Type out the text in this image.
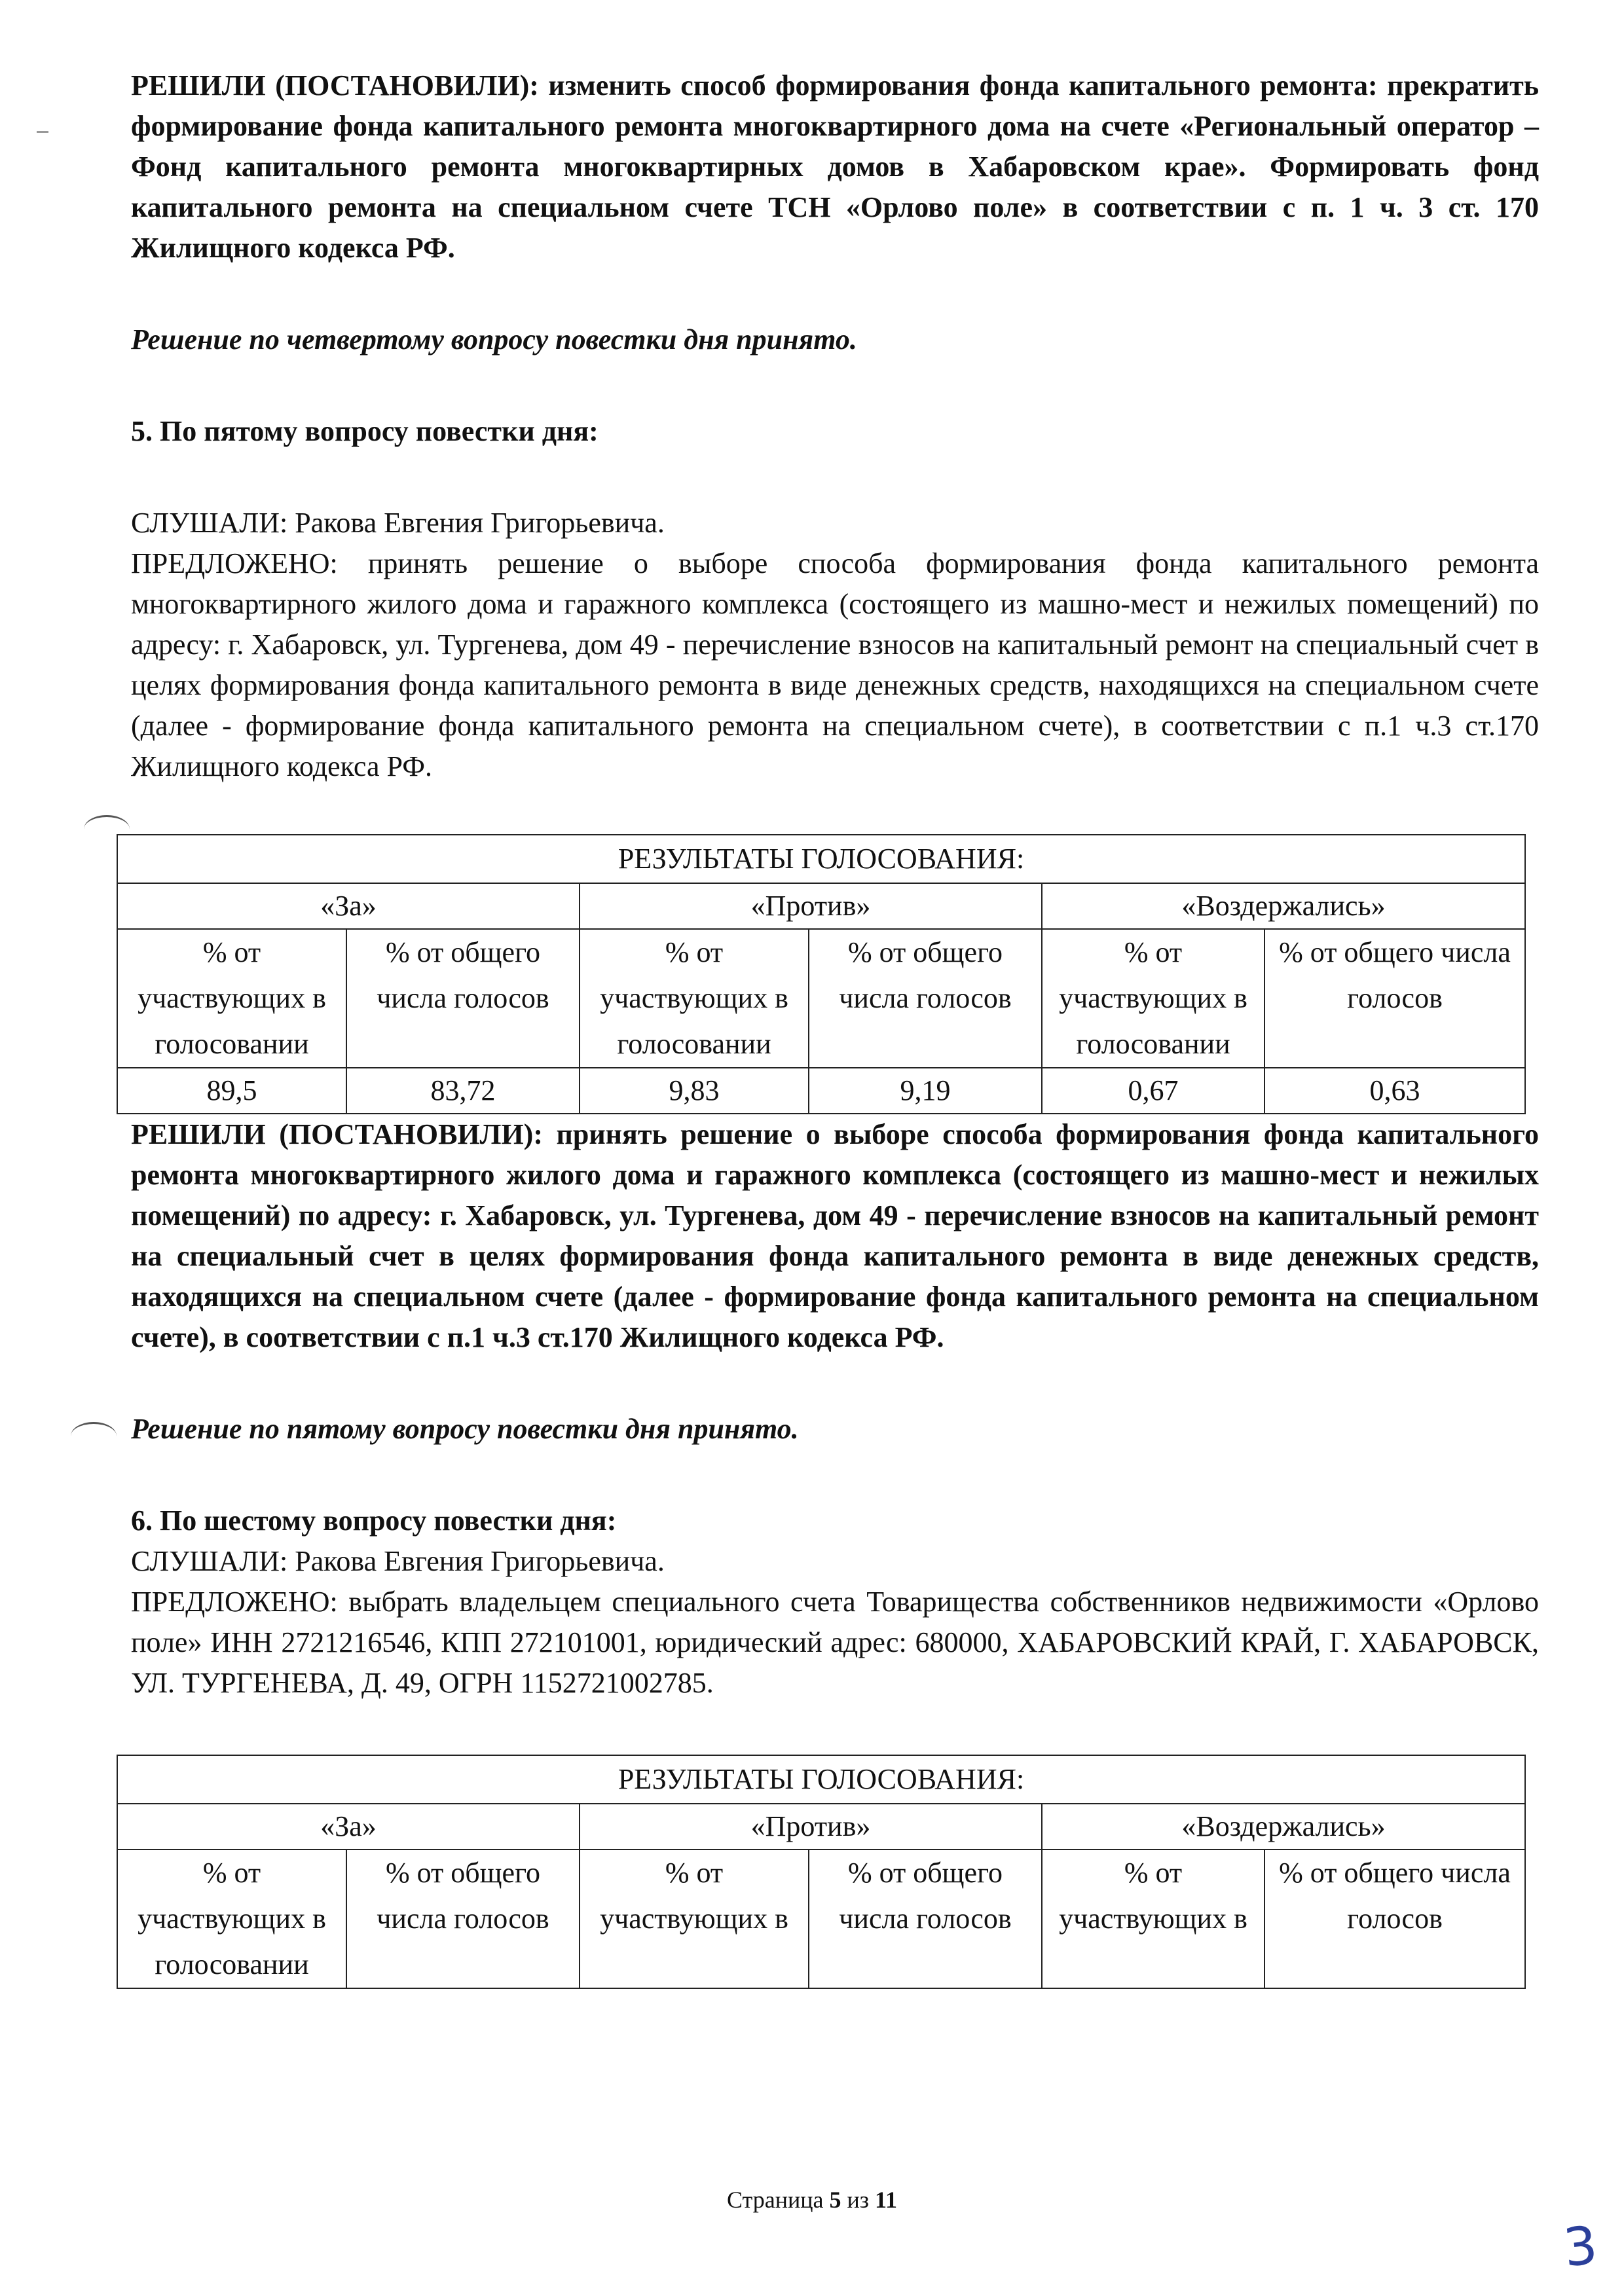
РЕШИЛИ (ПОСТАНОВИЛИ): изменить способ формирования фонда капитального ремонта: прекратить формирование фонда капитального ремонта многоквартирного дома на счете «Региональный оператор – Фонд капитального ремонта многоквартирных домов в Хабаровском крае». Формировать фонд капитального ремонта на специальном счете ТСН «Орлово поле» в соответствии с п. 1 ч. 3 ст. 170 Жилищного кодекса РФ.

Решение по четвертому вопросу повестки дня принято.

5. По пятому вопросу повестки дня:

СЛУШАЛИ: Ракова Евгения Григорьевича.

ПРЕДЛОЖЕНО: принять решение о выборе способа формирования фонда капитального ремонта многоквартирного жилого дома и гаражного комплекса (состоящего из машно-мест и нежилых помещений) по адресу: г. Хабаровск, ул. Тургенева, дом 49 - перечисление взносов на капитальный ремонт на специальный счет в целях формирования фонда капитального ремонта в виде денежных средств, находящихся на специальном счете (далее - формирование фонда капитального ремонта на специальном счете), в соответствии с п.1 ч.3 ст.170 Жилищного кодекса РФ.

РЕЗУЛЬТАТЫ ГОЛОСОВАНИЯ:					
«За»		«Против»		«Воздержались»	
% от участвующих в голосовании	% от общего числа голосов	% от участвующих в голосовании	% от общего числа голосов	% от участвующих в голосовании	% от общего числа голосов
89,5	83,72	9,83	9,19	0,67	0,63

РЕШИЛИ (ПОСТАНОВИЛИ): принять решение о выборе способа формирования фонда капитального ремонта многоквартирного жилого дома и гаражного комплекса (состоящего из машно-мест и нежилых помещений) по адресу: г. Хабаровск, ул. Тургенева, дом 49 - перечисление взносов на капитальный ремонт на специальный счет в целях формирования фонда капитального ремонта в виде денежных средств, находящихся на специальном счете (далее - формирование фонда капитального ремонта на специальном счете), в соответствии с п.1 ч.3 ст.170 Жилищного кодекса РФ.

Решение по пятому вопросу повестки дня принято.

6. По шестому вопросу повестки дня:

СЛУШАЛИ: Ракова Евгения Григорьевича.

ПРЕДЛОЖЕНО: выбрать владельцем специального счета Товарищества собственников недвижимости «Орлово поле» ИНН 2721216546, КПП 272101001, юридический адрес: 680000, ХАБАРОВСКИЙ КРАЙ, Г. ХАБАРОВСК, УЛ. ТУРГЕНЕВА, Д. 49, ОГРН 1152721002785.

РЕЗУЛЬТАТЫ ГОЛОСОВАНИЯ:					
«За»		«Против»		«Воздержались»	
% от участвующих в голосовании	% от общего числа голосов	% от участвующих в	% от общего числа голосов	% от участвующих в	% от общего числа голосов
Страница 5 из 11
3
